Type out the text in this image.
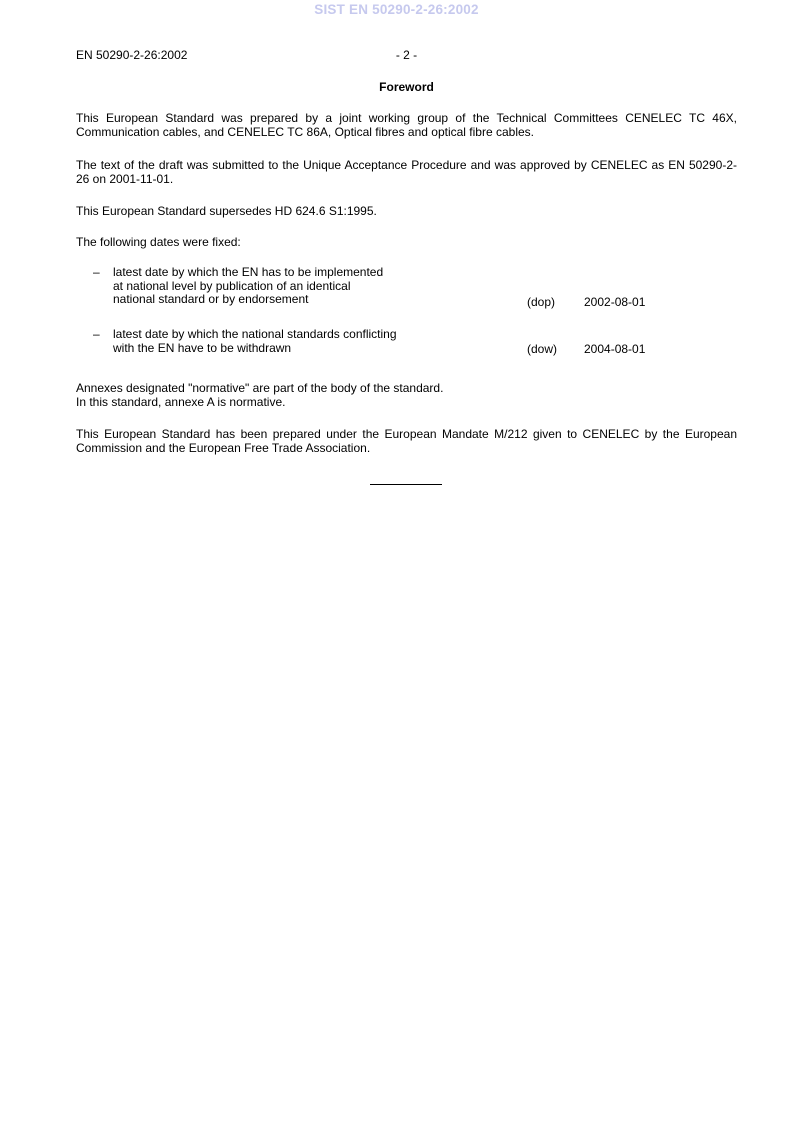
SIST EN 50290-2-26:2002
EN 50290-2-26:2002	- 2 -
Foreword

This European Standard was prepared by a joint working group of the Technical Committees CENELEC TC 46X, Communication cables, and CENELEC TC 86A, Optical fibres and optical fibre cables.

The text of the draft was submitted to the Unique Acceptance Procedure and was approved by CENELEC as EN 50290-2-26 on 2001-11-01.

This European Standard supersedes HD 624.6 S1:1995.

The following dates were fixed:

– latest date by which the EN has to be implemented
at national level by publication of an identical
national standard or by endorsement	(dop)	2002-08-01
– latest date by which the national standards conflicting
with the EN have to be withdrawn	(dow)	2004-08-01
Annexes designated "normative" are part of the body of the standard.
In this standard, annexe A is normative.

This European Standard has been prepared under the European Mandate M/212 given to CENELEC by the European Commission and the European Free Trade Association.
